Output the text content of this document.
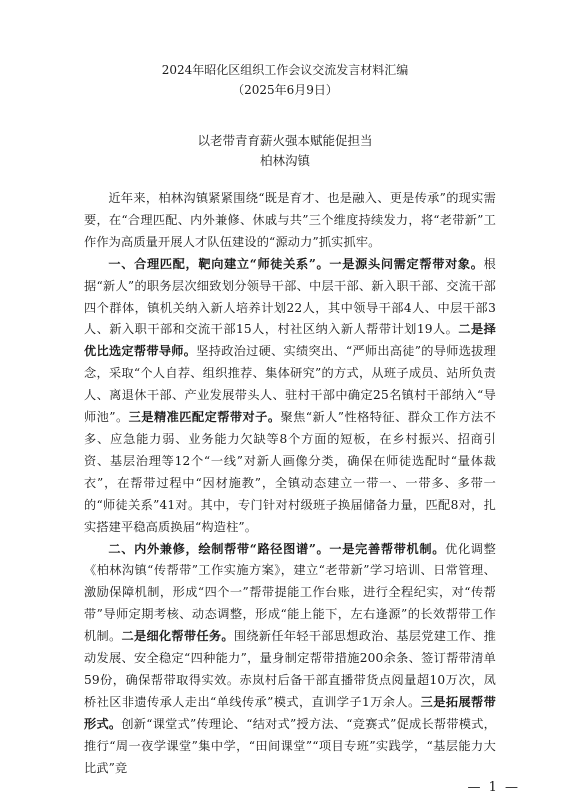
2024年昭化区组织工作会议交流发言材料汇编
（2025年6月9日）
以老带青育薪火强本赋能促担当
柏林沟镇

近年来，柏林沟镇紧紧围绕“既是育才、也是融入、更是传承”的现实需要，在“合理匹配、内外兼修、休戚与共”三个维度持续发力，将“老带新”工作作为高质量开展人才队伍建设的“源动力”抓实抓牢。

一、合理匹配，靶向建立“师徒关系”。一是源头问需定帮带对象。根据“新人”的职务层次细致划分领导干部、中层干部、新入职干部、交流干部四个群体，镇机关纳入新人培养计划22人，其中领导干部4人、中层干部3人、新入职干部和交流干部15人，村社区纳入新人帮带计划19人。二是择优比选定帮带导师。坚持政治过硬、实绩突出、“严师出高徒”的导师选拔理念，采取“个人自荐、组织推荐、集体研究”的方式，从班子成员、站所负责人、离退休干部、产业发展带头人、驻村干部中确定25名镇村干部纳入“导师池”。三是精准匹配定帮带对子。聚焦“新人”性格特征、群众工作方法不多、应急能力弱、业务能力欠缺等8个方面的短板，在乡村振兴、招商引资、基层治理等12个“一线”对新人画像分类，确保在师徒选配时“量体裁衣”，在帮带过程中“因材施教”，全镇动态建立一带一、一带多、多带一的“师徒关系”41对。其中，专门针对村级班子换届储备力量，匹配8对，扎实搭建平稳高质换届“构造柱”。

二、内外兼修，绘制帮带“路径图谱”。一是完善帮带机制。优化调整《柏林沟镇“传帮带”工作实施方案》，建立“老带新”学习培训、日常管理、激励保障机制，形成“四个一”帮带提能工作台账，进行全程纪实，对“传帮带”导师定期考核、动态调整，形成“能上能下，左右逢源”的长效帮带工作机制。二是细化帮带任务。围绕新任年轻干部思想政治、基层党建工作、推动发展、安全稳定“四种能力”，量身制定帮带措施200余条、签订帮带清单59份，确保帮带取得实效。赤岚村后备干部直播带货点阅量超10万次，凤桥社区非遗传承人走出“单线传承”模式，直训学子1万余人。三是拓展帮带形式。创新“课堂式”传理论、“结对式”授方法、“竞赛式”促成长帮带模式，推行“周一夜学课堂”集中学，“田间课堂”“项目专班”实践学，“基层能力大比武”竞

— 1 —
